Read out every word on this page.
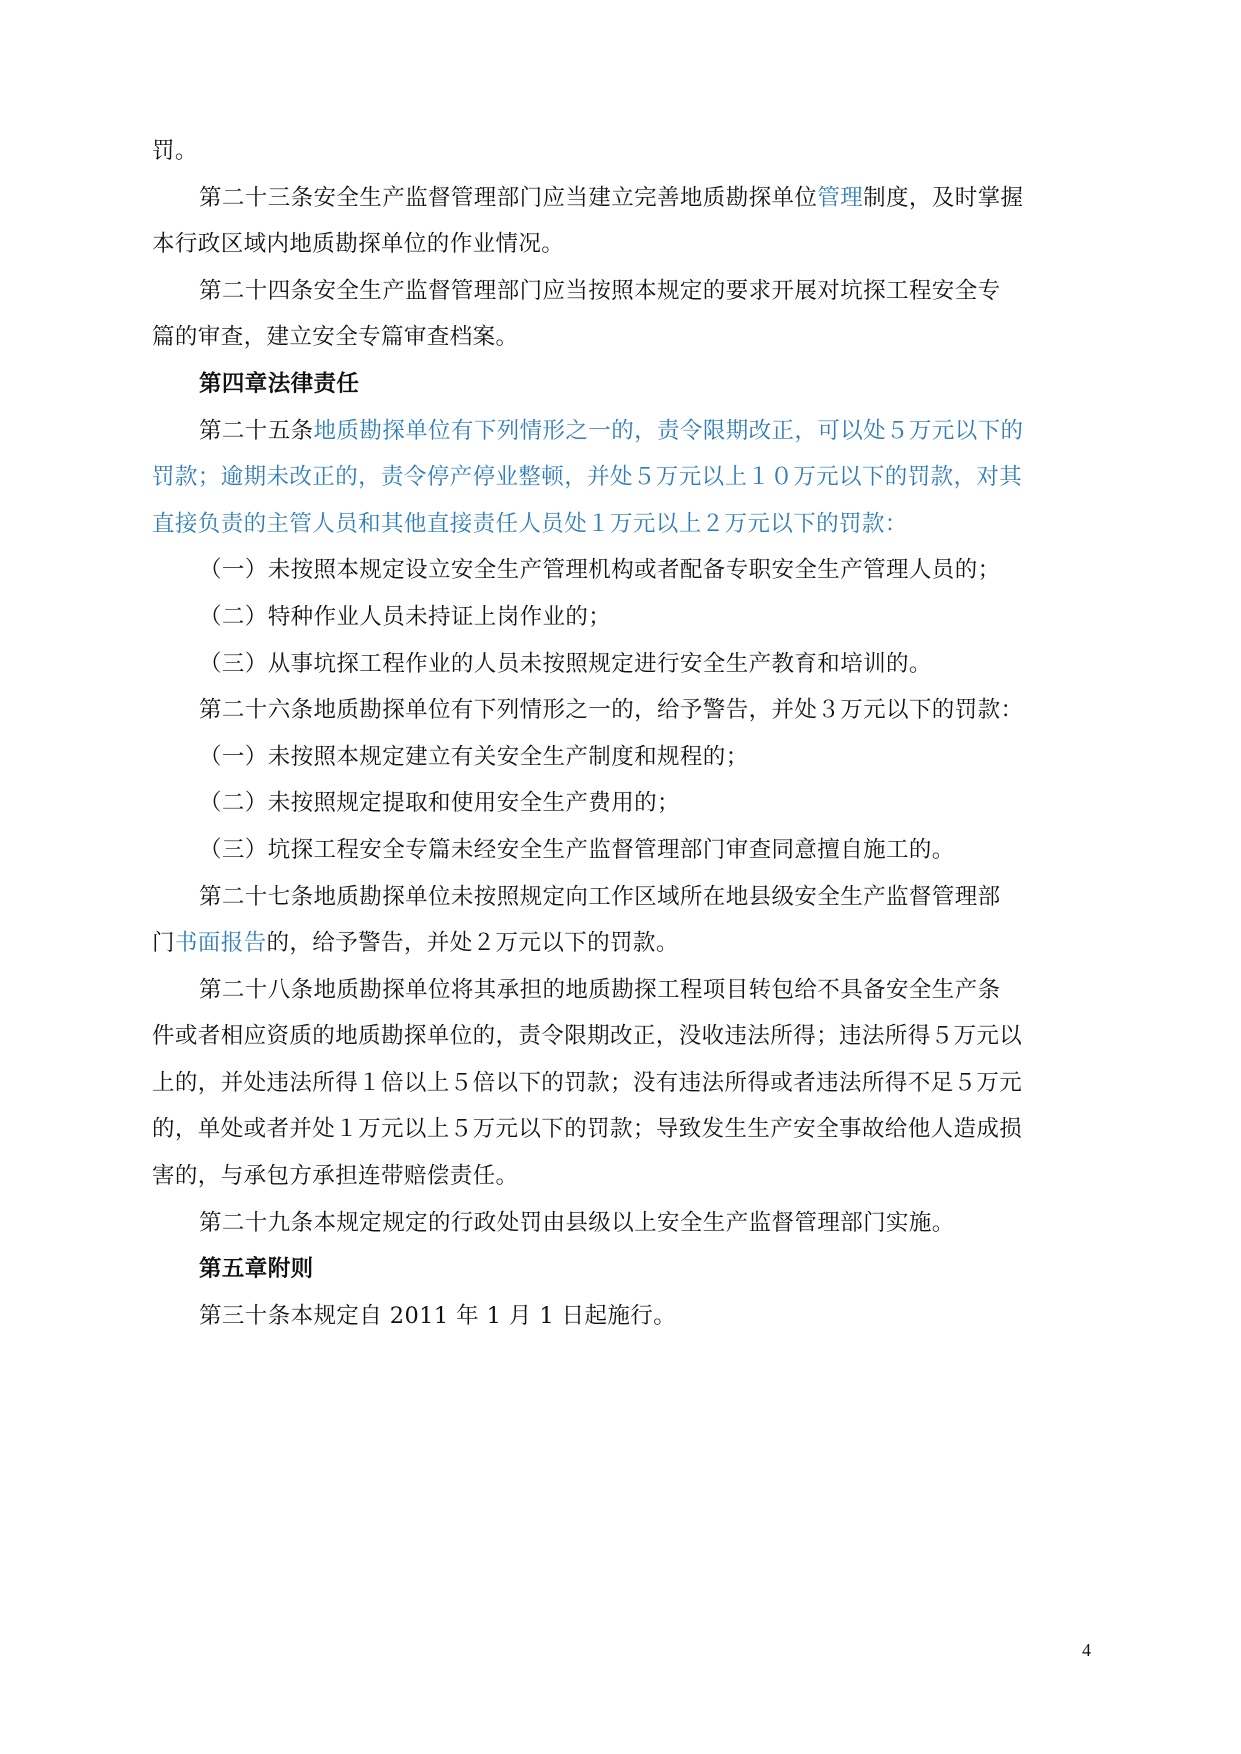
罚。
第二十三条安全生产监督管理部门应当建立完善地质勘探单位管理制度，及时掌握
本行政区域内地质勘探单位的作业情况。
第二十四条安全生产监督管理部门应当按照本规定的要求开展对坑探工程安全专
篇的审查，建立安全专篇审查档案。
第四章法律责任
第二十五条地质勘探单位有下列情形之一的，责令限期改正，可以处５万元以下的
罚款；逾期未改正的，责令停产停业整顿，并处５万元以上１０万元以下的罚款，对其
直接负责的主管人员和其他直接责任人员处１万元以上２万元以下的罚款：
（一）未按照本规定设立安全生产管理机构或者配备专职安全生产管理人员的；
（二）特种作业人员未持证上岗作业的；
（三）从事坑探工程作业的人员未按照规定进行安全生产教育和培训的。
第二十六条地质勘探单位有下列情形之一的，给予警告，并处３万元以下的罚款：
（一）未按照本规定建立有关安全生产制度和规程的；
（二）未按照规定提取和使用安全生产费用的；
（三）坑探工程安全专篇未经安全生产监督管理部门审查同意擅自施工的。
第二十七条地质勘探单位未按照规定向工作区域所在地县级安全生产监督管理部
门书面报告的，给予警告，并处２万元以下的罚款。
第二十八条地质勘探单位将其承担的地质勘探工程项目转包给不具备安全生产条
件或者相应资质的地质勘探单位的，责令限期改正，没收违法所得；违法所得５万元以
上的，并处违法所得１倍以上５倍以下的罚款；没有违法所得或者违法所得不足５万元
的，单处或者并处１万元以上５万元以下的罚款；导致发生生产安全事故给他人造成损
害的，与承包方承担连带赔偿责任。
第二十九条本规定规定的行政处罚由县级以上安全生产监督管理部门实施。
第五章附则
第三十条本规定自 2011 年 1 月 1 日起施行。
4
